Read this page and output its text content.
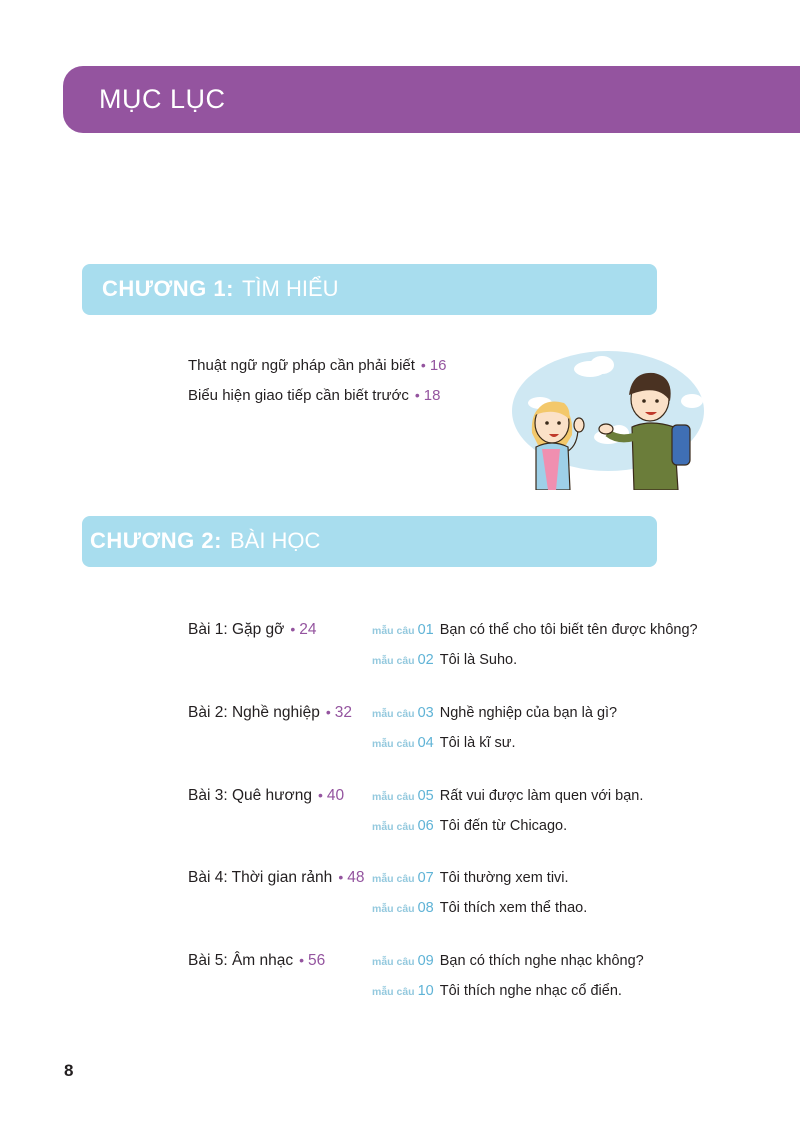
MỤC LỤC
CHƯƠNG 1: TÌM HIỂU
Thuật ngữ ngữ pháp cần phải biết • 16
Biểu hiện giao tiếp cần biết trước • 18
CHƯƠNG 2: BÀI HỌC
Bài 1: Gặp gỡ • 24	mẫu câu 01 Bạn có thể cho tôi biết tên được không?
mẫu câu 02 Tôi là Suho.
Bài 2: Nghề nghiệp • 32 mẫu câu 03 Nghề nghiệp của bạn là gì?
mẫu câu 04 Tôi là kĩ sư.
Bài 3: Quê hương • 40	mẫu câu 05 Rất vui được làm quen với bạn.
mẫu câu 06 Tôi đến từ Chicago.
Bài 4: Thời gian rảnh • 48 mẫu câu 07 Tôi thường xem tivi.
mẫu câu 08 Tôi thích xem thể thao.
Bài 5: Âm nhạc • 56	mẫu câu 09 Bạn có thích nghe nhạc không?
mẫu câu 10 Tôi thích nghe nhạc cổ điển.
8
